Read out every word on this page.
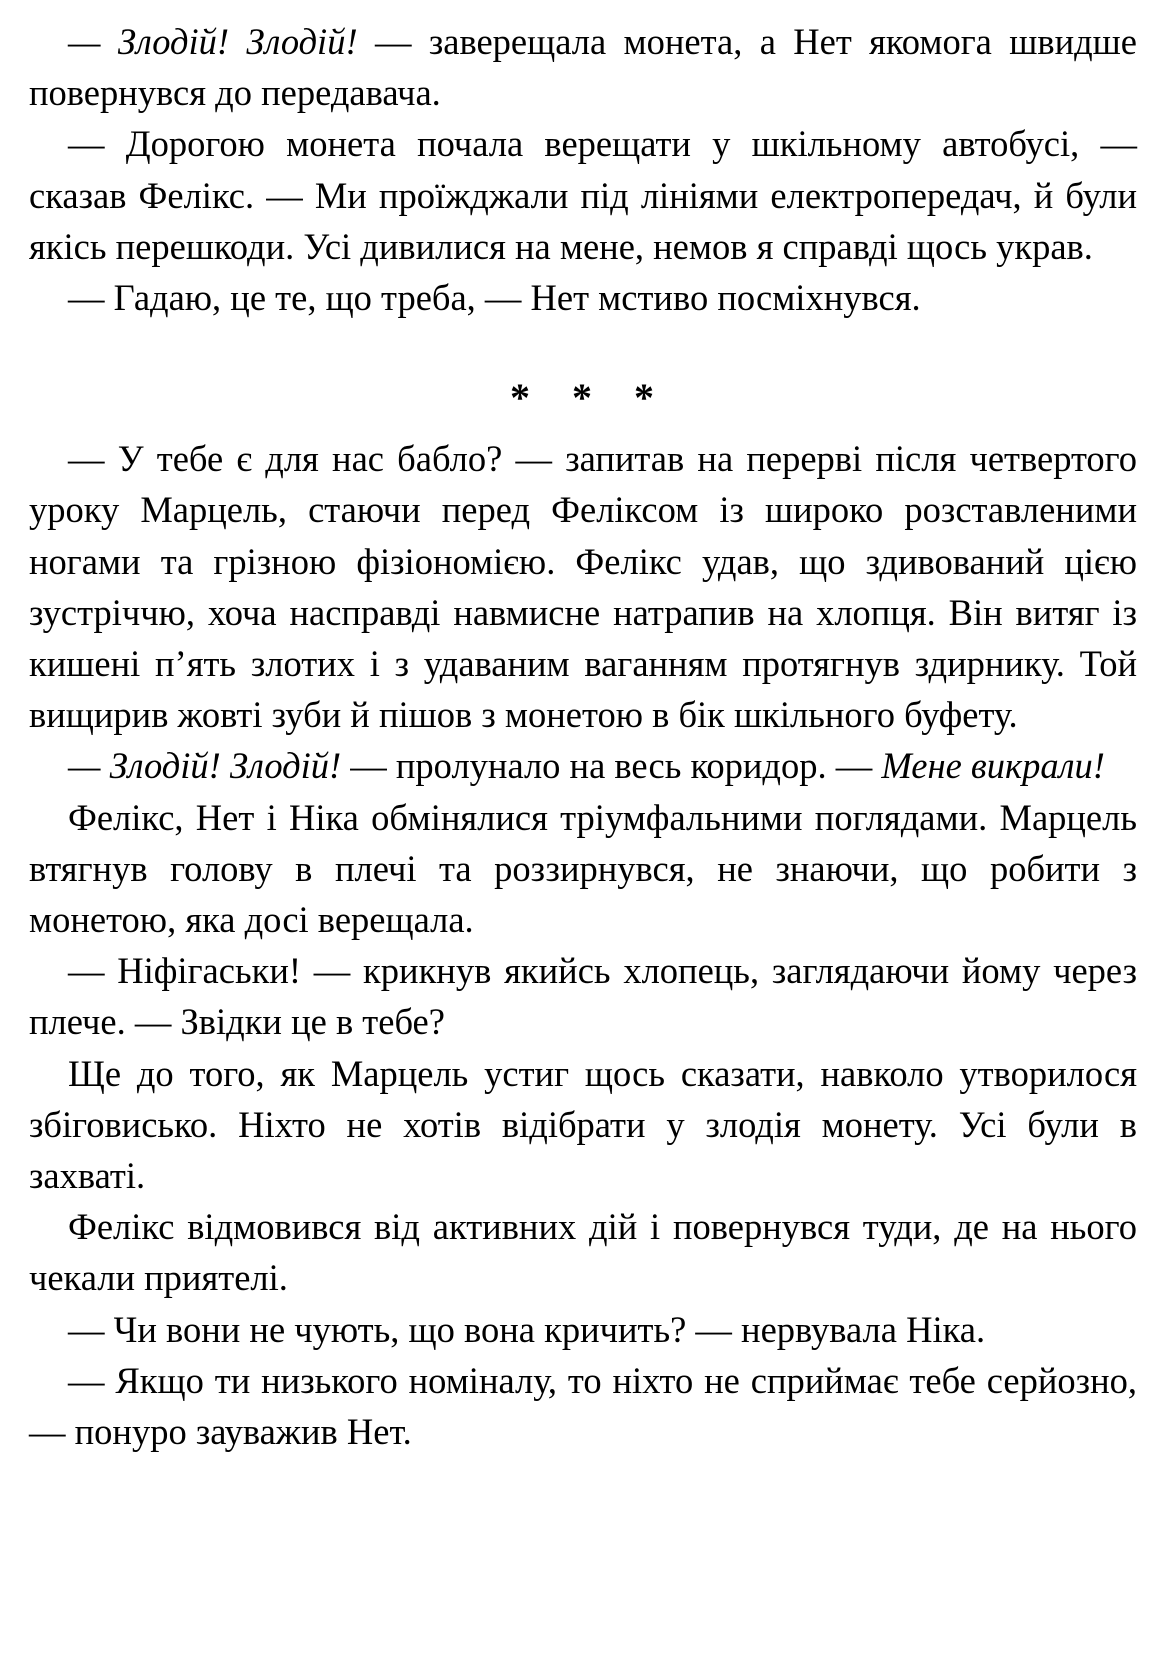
— Злодій! Злодій! — заверещала монета, а Нет якомога швидше повернувся до передавача.

— Дорогою монета почала верещати у шкільному автобусі, — сказав Фелікс. — Ми проїжджали під лініями електропередач, й були якісь перешкоди. Усі дивилися на мене, немов я справді щось украв.

— Гадаю, це те, що треба, — Нет мстиво посміхнувся.

* * *

— У тебе є для нас бабло? — запитав на перерві після четвертого уроку Марцель, стаючи перед Феліксом із широко розставленими ногами та грізною фізіономією. Фелікс удав, що здивований цією зустріччю, хоча насправді навмисне натрапив на хлопця. Він витяг із кишені п’ять злотих і з удаваним ваганням протягнув здирнику. Той вищирив жовті зуби й пішов з монетою в бік шкільного буфету.

— Злодій! Злодій! — пролунало на весь коридор. — Мене викрали!

Фелікс, Нет і Ніка обмінялися тріумфальними поглядами. Марцель втягнув голову в плечі та роззирнувся, не знаючи, що робити з монетою, яка досі верещала.

— Ніфігаськи! — крикнув якийсь хлопець, заглядаючи йому через плече. — Звідки це в тебе?

Ще до того, як Марцель устиг щось сказати, навколо утворилося збіговисько. Ніхто не хотів відібрати у злодія монету. Усі були в захваті.

Фелікс відмовився від активних дій і повернувся туди, де на нього чекали приятелі.

— Чи вони не чують, що вона кричить? — нервувала Ніка.

— Якщо ти низького номіналу, то ніхто не сприймає тебе серйозно, — понуро зауважив Нет.
